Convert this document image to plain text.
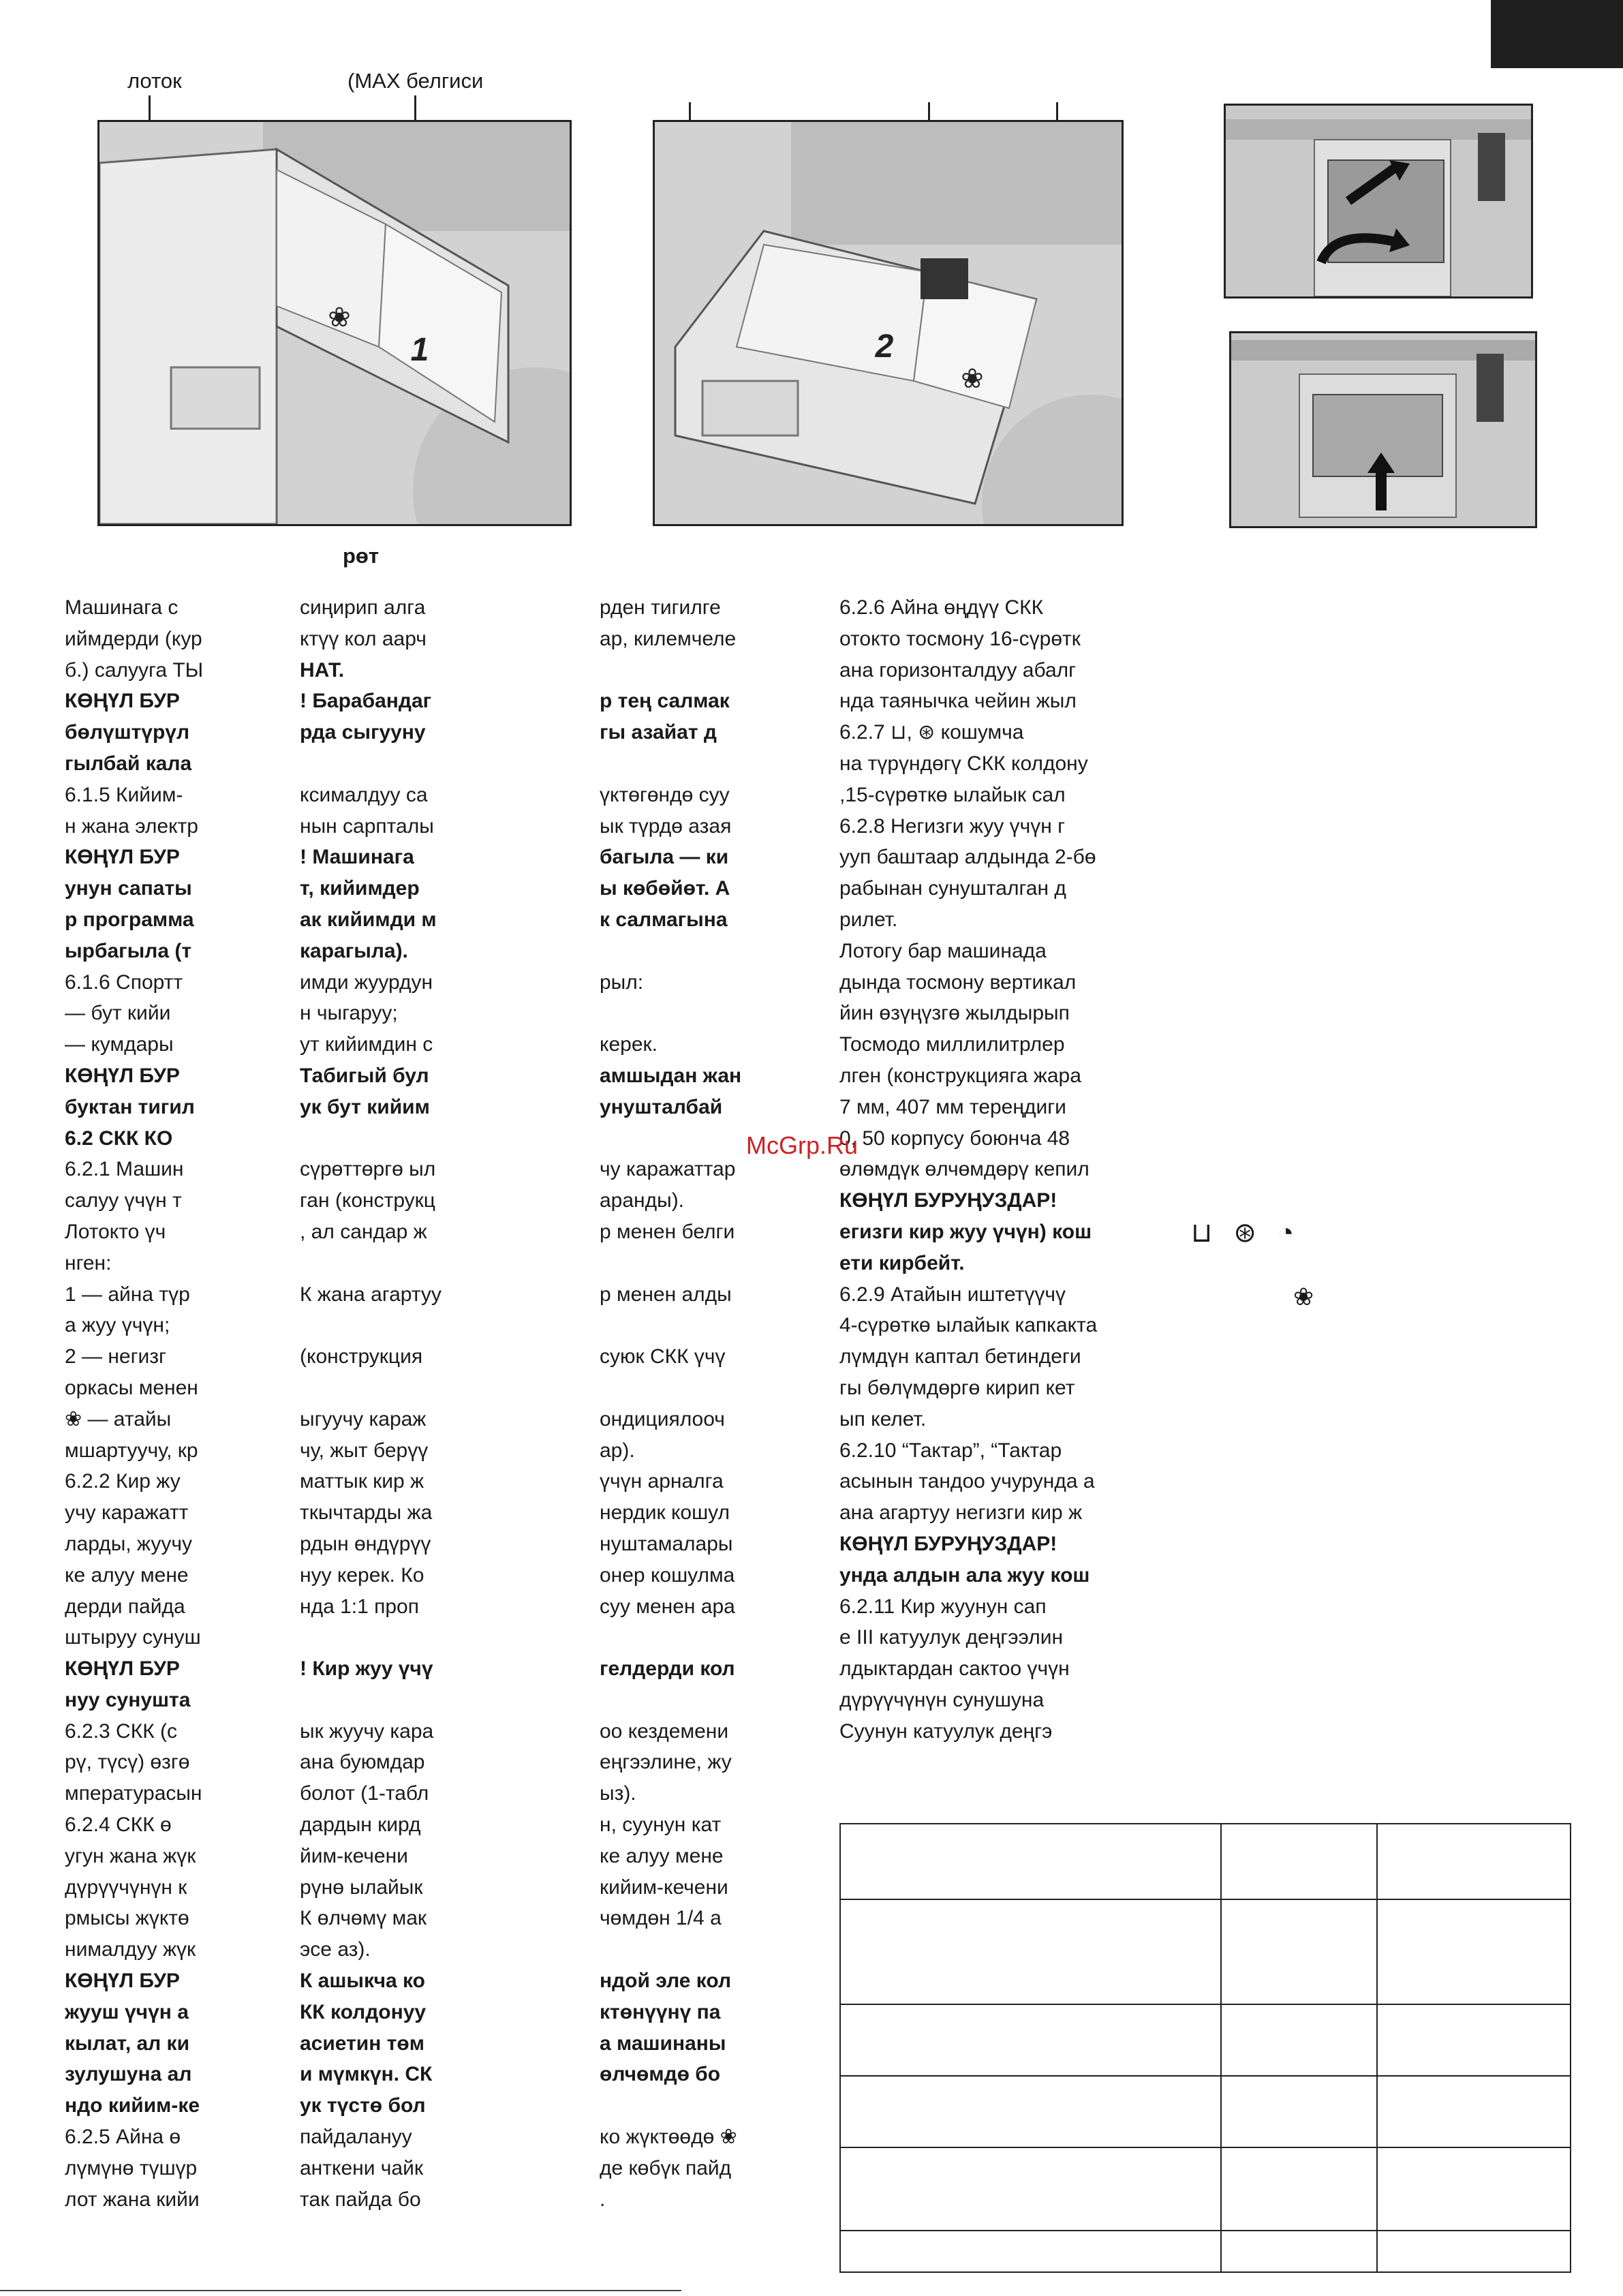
лоток	(MAX белгиси
❀
1	2
❀
рөт
Машинага с
иймдерди (кур
б.) салууга ТЫ
КӨҢҮЛ БУР
бөлүштүрүл
гылбай кала
6.1.5 Кийим-
н жана электр
КӨҢҮЛ БУР
унун сапаты
р программа
ырбагыла (т
6.1.6 Спортт
— бут кийи
— кумдары
КӨҢҮЛ БУР
буктан тигил
6.2 СКК КО
6.2.1 Машин
салуу үчүн т
Лотокто үч
нген:
1 — айна түр
а жуу үчүн;
2 — негизг
оркасы менен
❀ — атайы
мшартуучу, кр
6.2.2 Кир жу
учу каражатт
ларды, жуучу
ке алуу мене
дерди пайда
штыруу сунуш
КӨҢҮЛ БУР
нуу сунушта
6.2.3 СКК (с
рү, түсү) өзгө
мпературасын
6.2.4 СКК ө
угун жана жүк
дүрүүчүнүн к
рмысы жүктө
нималдуу жүк
КӨҢҮЛ БУР
жууш үчүн а
кылат, ал ки
зулушуна ал
ндо кийим-ке
6.2.5 Айна ө
лүмүнө түшүр
лот жана кийи
сиңирип алга
ктүү кол аарч
НАТ.
! Барабандаг
рда сыгууну
ксималдуу са
нын сарпталы
! Машинага
т, кийимдер
ак кийимди м
карагыла).
имди жуурдун
н чыгаруу;
ут кийимдин с
Табигый бул
ук бут кийим
сүрөттөргө ыл
ган (конструкц
, ал сандар ж
К жана агартуу
(конструкция
ыгуучу караж
чу, жыт берүү
маттык кир ж
ткычтарды жа
рдын өндүрүү
нуу керек. Ко
нда 1:1 проп
! Кир жуу үчү
ык жуучу кара
ана буюмдар
болот (1-табл
дардын кирд
йим-кечени
рүнө ылайык
К өлчөмү мак
эсе аз).
К ашыкча ко
КК колдонуу
асиетин төм
и мүмкүн. СК
ук түстө бол
пайдалануу
анткени чайк
так пайда бо
рден тигилге
ар, килемчеле
р тең салмак
гы азайат д
үктөгөндө суу
ык түрдө азая
багыла — ки
ы көбөйөт. А
к салмагына
рыл:
керек.
амшыдан жан
унушталбай
чу каражаттар
аранды).
р менен белги
р менен алды
суюк СКК үчү
ондициялооч
ар).
үчүн арналга
нердик кошул
нуштамалары
онер кошулма
суу менен ара
гелдерди кол
оо кездемени
еңгээлине, жу
ыз).
н, суунун кат
ке алуу мене
кийим-кечени
чөмдөн 1/4 а
ндой эле кол
ктөнүүнү па
а машинаны
өлчөмдө бо
ко жүктөөдө ❀
де көбүк пайд
.
6.2.6 Айна өңдүү СКК
отокто тосмону 16-сүрөтк
ана горизонталдуу абалг
нда таянычка чейин жыл
6.2.7 ⊔, ⊛ кошумча
на түрүндөгү СКК колдону
,15-сүрөткө ылайык сал
6.2.8 Негизги жуу үчүн г
ууп баштаар алдында 2-бө
рабынан сунушталган д
рилет.
Лотогу бар машинада
дында тосмону вертикал
йин өзүңүзгө жылдырып
Тосмодо миллилитрлер
лген (конструкцияга жара
7 мм, 407 мм тереңдиги
0, 50 корпусу боюнча 48
өлөмдүк өлчөмдөрү кепил
КӨҢҮЛ БУРУҢУЗДАР!
егизги кир жуу үчүн) кош
ети кирбейт.
6.2.9 Атайын иштетүүчү
4-сүрөткө ылайык капкакта
лүмдүн каптал бетиндеги
гы бөлүмдөргө кирип кет
ып келет.
6.2.10 “Тактар”, “Тактар
асынын тандоо учурунда а
ана агартуу негизги кир ж
КӨҢҮЛ БУРУҢУЗДАР!
унда алдын ала жуу кош
6.2.11 Кир жуунун сап
е III катуулук деңгээлин
лдыктардан сактоо үчүн
дүрүүчүнүн сунушуна
Суунун катуулук деңгэ
⊔ ⊛ ◔
❀
McGrp.Ru
